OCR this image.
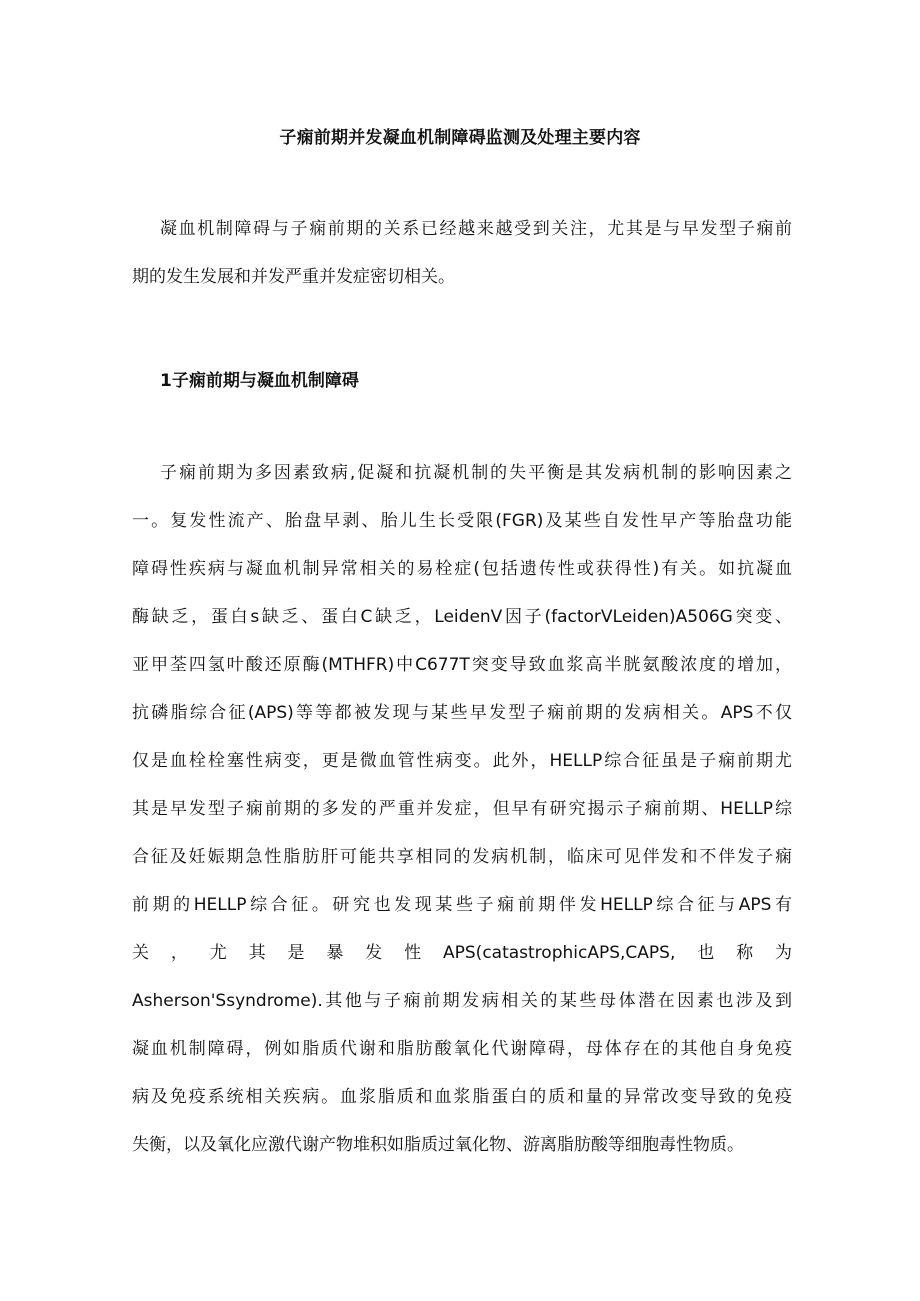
子痫前期并发凝血机制障碍监测及处理主要内容
凝血机制障碍与子痫前期的关系已经越来越受到关注，尤其是与早发型子痫前
期的发生发展和并发严重并发症密切相关。
1子痫前期与凝血机制障碍
子痫前期为多因素致病,促凝和抗凝机制的失平衡是其发病机制的影响因素之
一。复发性流产、胎盘早剥、胎儿生长受限(FGR)及某些自发性早产等胎盘功能
障碍性疾病与凝血机制异常相关的易栓症(包括遗传性或获得性)有关。如抗凝血
酶缺乏，蛋白s缺乏、蛋白C缺乏，LeidenV因子(factorVLeiden)A506G突变、
亚甲荃四氢叶酸还原酶(MTHFR)中C677T突变导致血浆高半胱氨酸浓度的增加，
抗磷脂综合征(APS)等等都被发现与某些早发型子痫前期的发病相关。APS不仅
仅是血栓栓塞性病变，更是微血管性病变。此外，HELLP综合征虽是子痫前期尤
其是早发型子痫前期的多发的严重并发症，但早有研究揭示子痫前期、HELLP综
合征及妊娠期急性脂肪肝可能共享相同的发病机制，临床可见伴发和不伴发子痫
前期的HELLP综合征。研究也发现某些子痫前期伴发HELLP综合征与APS有
关，尤其是暴发性APS(catastrophicAPS,CAPS,也称为
Asherson'Ssyndrome).其他与子痫前期发病相关的某些母体潜在因素也涉及到
凝血机制障碍，例如脂质代谢和脂肪酸氧化代谢障碍，母体存在的其他自身免疫
病及免疫系统相关疾病。血浆脂质和血浆脂蛋白的质和量的异常改变导致的免疫
失衡，以及氧化应激代谢产物堆积如脂质过氧化物、游离脂肪酸等细胞毒性物质。
